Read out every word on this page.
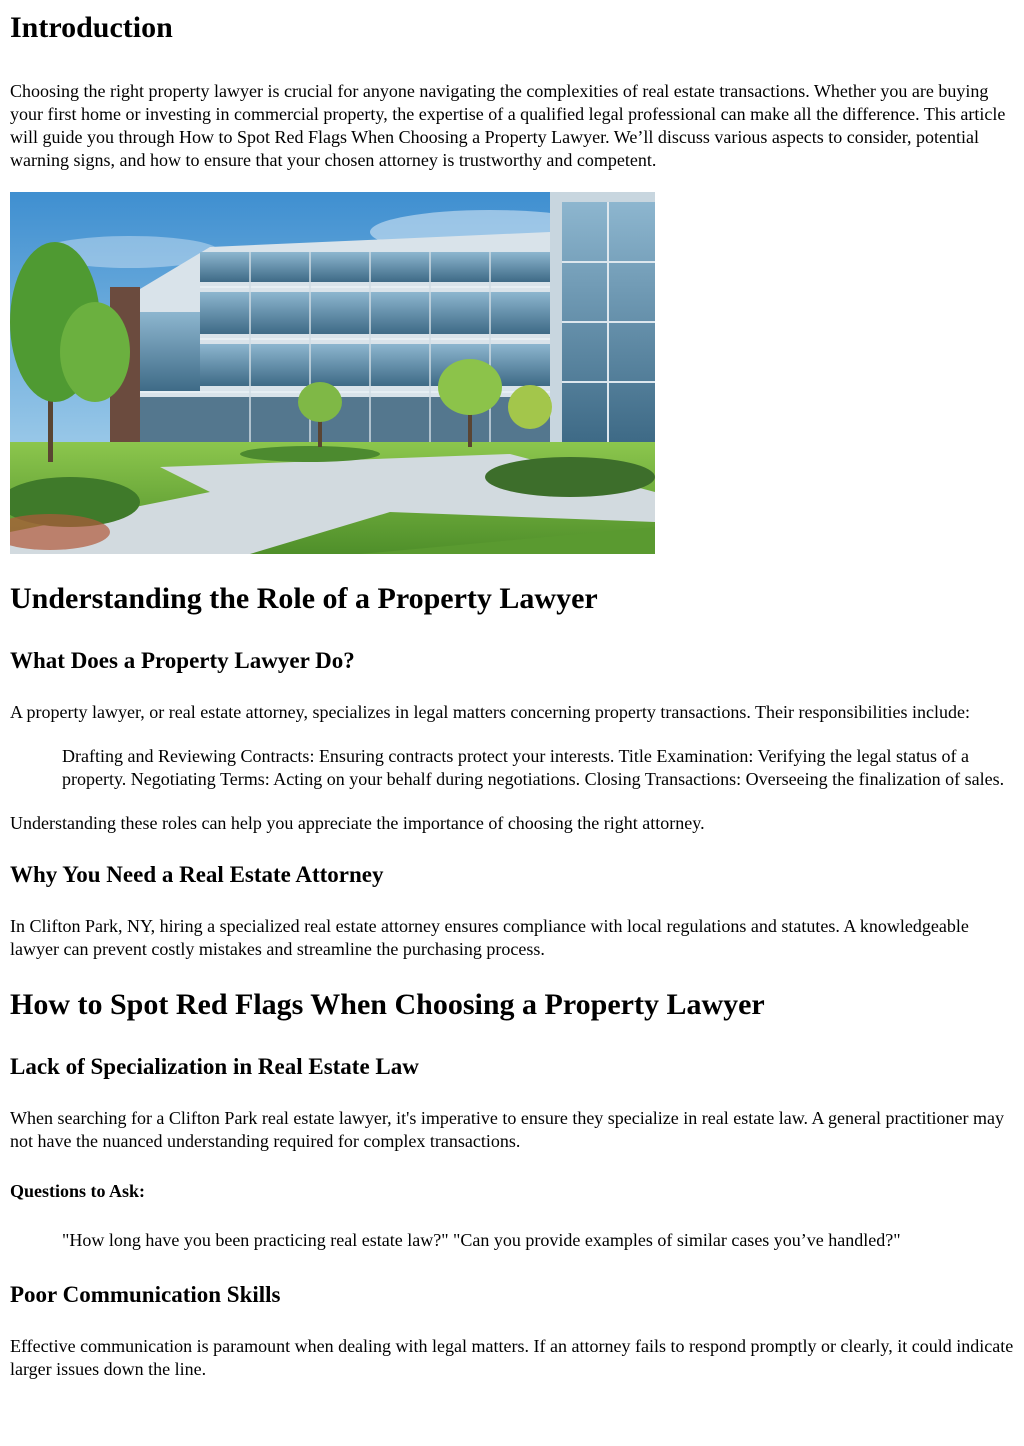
Introduction

Choosing the right property lawyer is crucial for anyone navigating the complexities of real estate transactions. Whether you are buying your first home or investing in commercial property, the expertise of a qualified legal professional can make all the difference. This article will guide you through How to Spot Red Flags When Choosing a Property Lawyer. We’ll discuss various aspects to consider, potential warning signs, and how to ensure that your chosen attorney is trustworthy and competent.

Understanding the Role of a Property Lawyer
What Does a Property Lawyer Do?

A property lawyer, or real estate attorney, specializes in legal matters concerning property transactions. Their responsibilities include:

Drafting and Reviewing Contracts: Ensuring contracts protect your interests. Title Examination: Verifying the legal status of a property. Negotiating Terms: Acting on your behalf during negotiations. Closing Transactions: Overseeing the finalization of sales.

Understanding these roles can help you appreciate the importance of choosing the right attorney.

Why You Need a Real Estate Attorney

In Clifton Park, NY, hiring a specialized real estate attorney ensures compliance with local regulations and statutes. A knowledgeable lawyer can prevent costly mistakes and streamline the purchasing process.

How to Spot Red Flags When Choosing a Property Lawyer
Lack of Specialization in Real Estate Law

When searching for a Clifton Park real estate lawyer, it's imperative to ensure they specialize in real estate law. A general practitioner may not have the nuanced understanding required for complex transactions.

Questions to Ask:
"How long have you been practicing real estate law?" "Can you provide examples of similar cases you’ve handled?"
Poor Communication Skills

Effective communication is paramount when dealing with legal matters. If an attorney fails to respond promptly or clearly, it could indicate larger issues down the line.
